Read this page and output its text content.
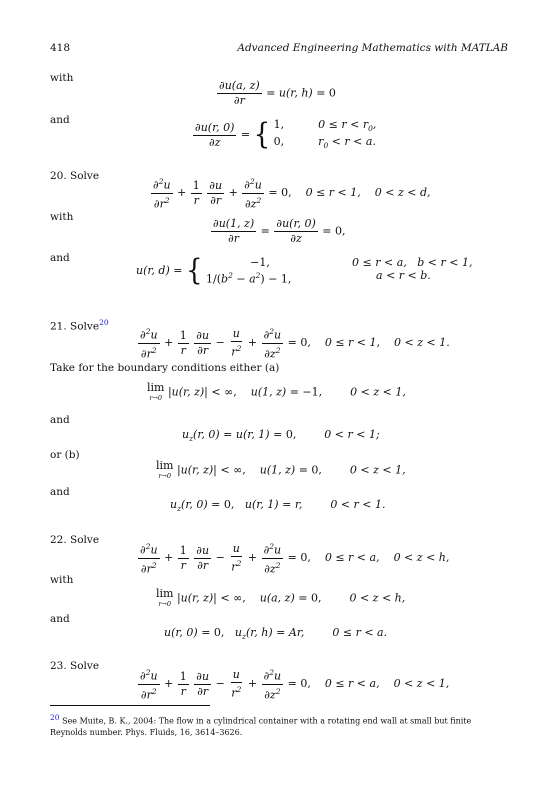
418	Advanced Engineering Mathematics with MATLAB
with
$\frac{\partial u(a, z)}{\partial r} = u(r$, h) = 0
and
$\frac{\partial u(r, 0)}{\partial z}$ = { 1,	$0 \le r < r_0$,
0,	$r_0 < r < a$.
20. Solve	$\frac{\partial^2u}{\partial r^2} + \frac{1}{r}$
$\frac{\partial u}{\partial r} + \frac{\partial^2u}{\partial z^2} = 0$,    0 ≤ r < 1,    0 < z < d,
with
$\frac{\partial u(1, z)}{\partial r} = \frac{\partial u(r, 0)}{\partial z} = 0$,
and
u(r, d) = {	−1,	0 ≤ r < a,   b < r < 1,
$1/(b^2 - a^2) - 1$,	a < r < b.
21. Solve$^{20}$
$\frac{\partial^2u}{\partial r^2} + \frac{1}{r}$
$\frac{\partial u}{\partial r} - \frac{u}{r^2} + \frac{\partial^2u}{\partial z^2} = 0$,    0 ≤ r < 1,    0 < z < 1.
Take for the boundary conditions either (a)
lim
r→0 |u(r, z)| < ∞,    u(1, z) = −1,        0 < z < 1,
and
$u_z(r$, 0) = u(r, 1) = 0,        0 < r < 1;
or (b)
lim
r→0 |u(r, z)| < ∞,    u(1, z) = 0,        0 < z < 1,
and
$u_z(r$, 0) = 0,   u(r, 1) = r,        0 < r < 1.
22. Solve
$\frac{\partial^2u}{\partial r^2} + \frac{1}{r}$
$\frac{\partial u}{\partial r} - \frac{u}{r^2} + \frac{\partial^2u}{\partial z^2} = 0$,    0 ≤ r < a,    0 < z < h,
with
lim
r→0 |u(r, z)| < ∞,    u(a, z) = 0,        0 < z < h,
and
u(r, 0) = 0,   $u_z(r$, h) = Ar,        0 ≤ r < a.
23. Solve
$\frac{\partial^2u}{\partial r^2} + \frac{1}{r}$
$\frac{\partial u}{\partial r} - \frac{u}{r^2} + \frac{\partial^2u}{\partial z^2} = 0$,    0 ≤ r < a,    0 < z < 1,
$^{20}$ See Muite, B. K., 2004: The flow in a cylindrical container with a rotating end wall at small but finite Reynolds number. Phys. Fluids, 16, 3614–3626.
